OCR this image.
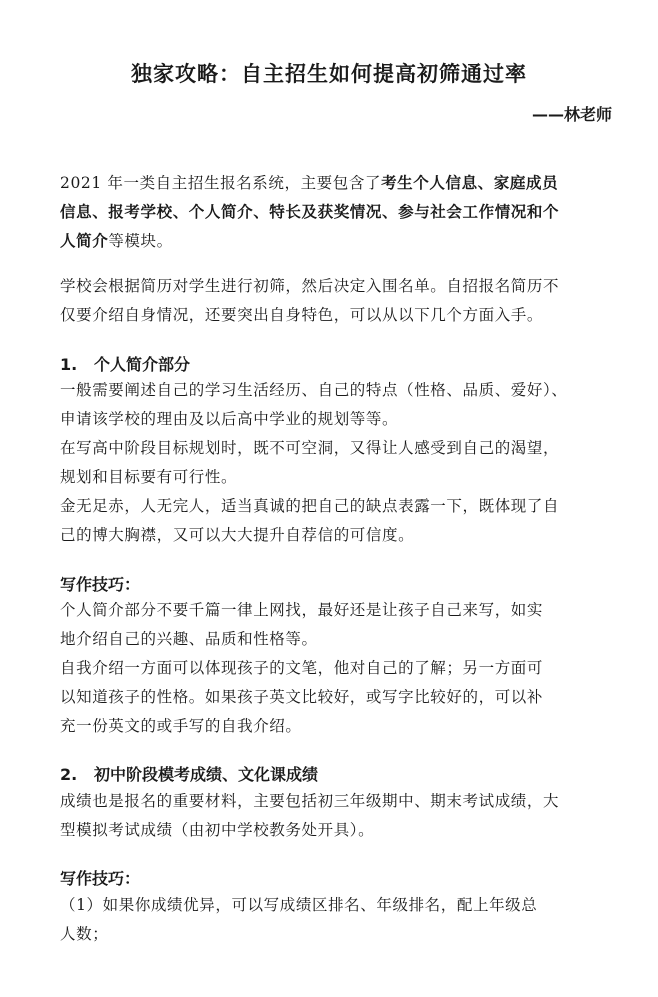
独家攻略：自主招生如何提高初筛通过率
——林老师
2021 年一类自主招生报名系统，主要包含了考生个人信息、家庭成员
信息、报考学校、个人简介、特长及获奖情况、参与社会工作情况和个
人简介等模块。
学校会根据简历对学生进行初筛，然后决定入围名单。自招报名简历不
仅要介绍自身情况，还要突出自身特色，可以从以下几个方面入手。
1. 个人简介部分
一般需要阐述自己的学习生活经历、自己的特点（性格、品质、爱好）、
申请该学校的理由及以后高中学业的规划等等。
在写高中阶段目标规划时，既不可空洞，又得让人感受到自己的渴望，
规划和目标要有可行性。
金无足赤，人无完人，适当真诚的把自己的缺点表露一下，既体现了自
己的博大胸襟，又可以大大提升自荐信的可信度。
写作技巧：
个人简介部分不要千篇一律上网找，最好还是让孩子自己来写，如实
地介绍自己的兴趣、品质和性格等。
自我介绍一方面可以体现孩子的文笔，他对自己的了解；另一方面可
以知道孩子的性格。如果孩子英文比较好，或写字比较好的，可以补
充一份英文的或手写的自我介绍。
2. 初中阶段模考成绩、文化课成绩
成绩也是报名的重要材料，主要包括初三年级期中、期末考试成绩，大
型模拟考试成绩（由初中学校教务处开具）。
写作技巧：
（1）如果你成绩优异，可以写成绩区排名、年级排名，配上年级总
人数；
